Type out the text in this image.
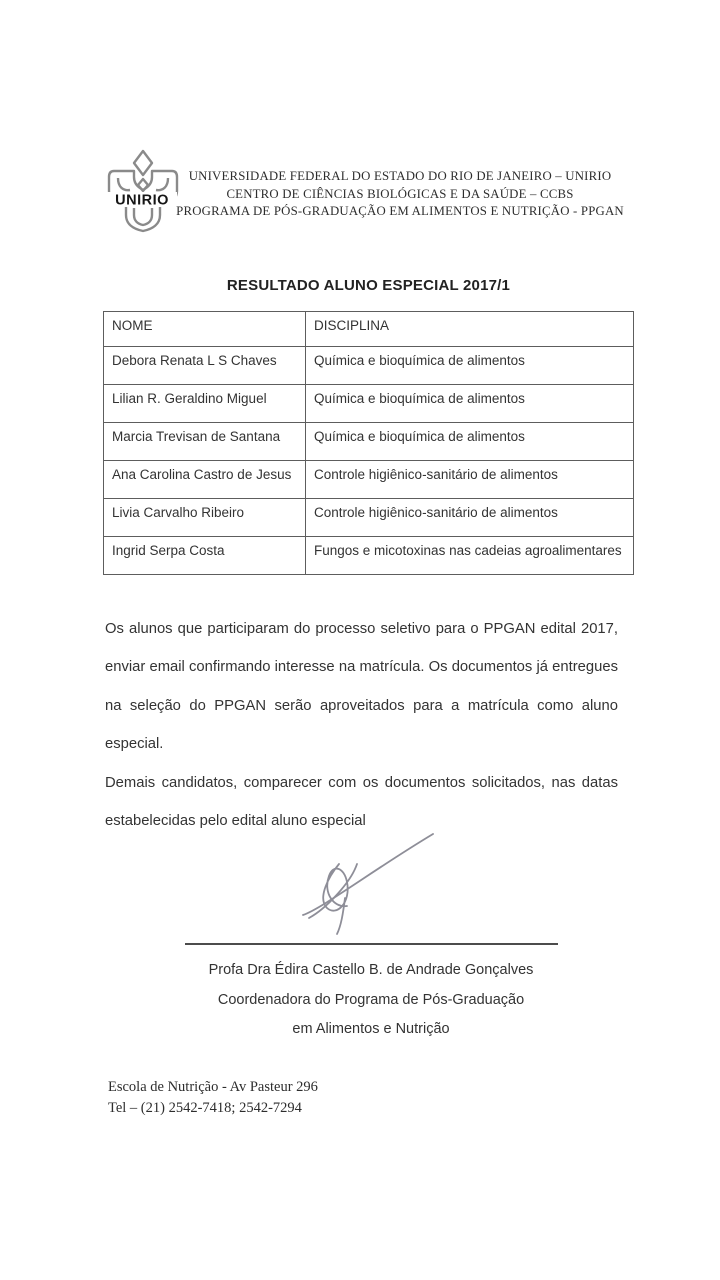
UNIRIO
UNIVERSIDADE FEDERAL DO ESTADO DO RIO DE JANEIRO – UNIRIO
CENTRO DE CIÊNCIAS BIOLÓGICAS E DA SAÚDE – CCBS
PROGRAMA DE PÓS-GRADUAÇÃO EM ALIMENTOS E NUTRIÇÃO - PPGAN
RESULTADO ALUNO ESPECIAL 2017/1
NOME	DISCIPLINA
Debora Renata L S Chaves	Química e bioquímica de alimentos
Lilian R. Geraldino Miguel	Química e bioquímica de alimentos
Marcia Trevisan de Santana	Química e bioquímica de alimentos
Ana Carolina Castro de Jesus	Controle higiênico-sanitário de alimentos
Livia Carvalho Ribeiro	Controle higiênico-sanitário de alimentos
Ingrid Serpa Costa	Fungos e micotoxinas nas cadeias agroalimentares

Os alunos que participaram do processo seletivo para o PPGAN edital 2017, enviar email confirmando interesse na matrícula. Os documentos já entregues na seleção do PPGAN serão aproveitados para a matrícula como aluno especial.

Demais candidatos, comparecer com os documentos solicitados, nas datas estabelecidas pelo edital aluno especial

Profa Dra Édira Castello B. de Andrade Gonçalves
Coordenadora do Programa de Pós-Graduação
em Alimentos e Nutrição
Escola de Nutrição - Av Pasteur 296
Tel – (21) 2542-7418; 2542-7294
